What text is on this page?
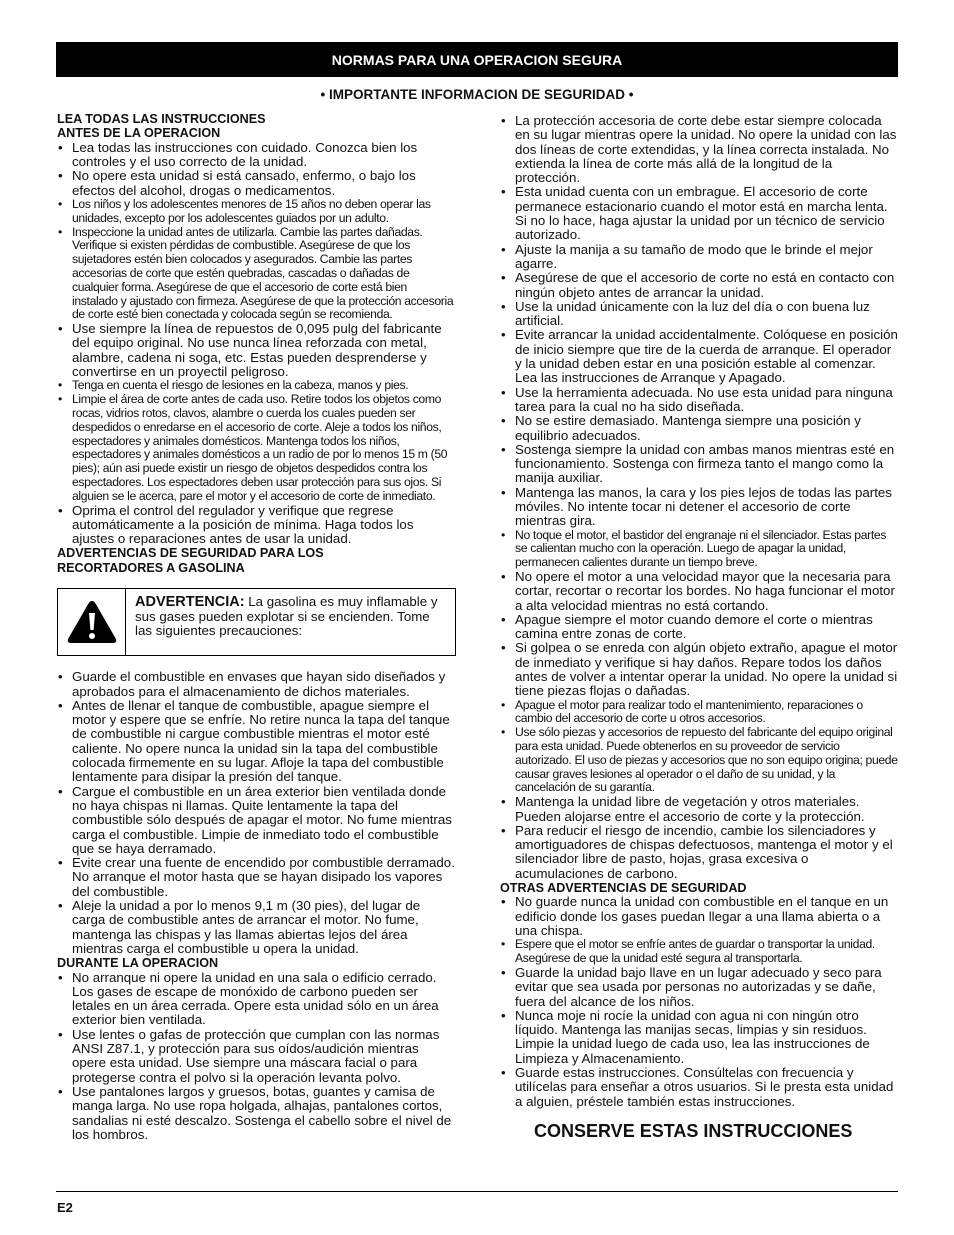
NORMAS PARA UNA OPERACION SEGURA
• IMPORTANTE INFORMACION DE SEGURIDAD •
LEA TODAS LAS INSTRUCCIONES
ANTES DE LA OPERACION
• Lea todas las instrucciones con cuidado. Conozca bien los controles y el uso correcto de la unidad.
• No opere esta unidad si está cansado, enfermo, o bajo los efectos del alcohol, drogas o medicamentos.
• Los niños y los adolescentes menores de 15 años no deben operar las unidades, excepto por los adolescentes guiados por un adulto.
• Inspeccione la unidad antes de utilizarla. Cambie las partes dañadas. Verifique si existen pérdidas de combustible. Asegúrese de que los sujetadores estén bien colocados y asegurados. Cambie las partes accesorias de corte que estén quebradas, cascadas o dañadas de cualquier forma. Asegúrese de que el accesorio de corte está bien instalado y ajustado con firmeza. Asegúrese de que la protección accesoria de corte esté bien conectada y colocada según se recomienda.
• Use siempre la línea de repuestos de 0,095 pulg del fabricante del equipo original. No use nunca línea reforzada con metal, alambre, cadena ni soga, etc. Estas pueden desprenderse y convertirse en un proyectil peligroso.
• Tenga en cuenta el riesgo de lesiones en la cabeza, manos y pies.
• Limpie el área de corte antes de cada uso. Retire todos los objetos como rocas, vidrios rotos, clavos, alambre o cuerda los cuales pueden ser despedidos o enredarse en el accesorio de corte. Aleje a todos los niños, espectadores y animales domésticos. Mantenga todos los niños, espectadores y animales domésticos a un radio de por lo menos 15 m (50 pies); aún asi puede existir un riesgo de objetos despedidos contra los espectadores. Los espectadores deben usar protección para sus ojos. Si alguien se le acerca, pare el motor y el accesorio de corte de inmediato.
• Oprima el control del regulador y verifique que regrese automáticamente a la posición de mínima. Haga todos los ajustes o reparaciones antes de usar la unidad.
ADVERTENCIAS DE SEGURIDAD PARA LOS
RECORTADORES A GASOLINA
ADVERTENCIA: La gasolina es muy inflamable y sus gases pueden explotar si se encienden. Tome las siguientes precauciones:
• Guarde el combustible en envases que hayan sido diseñados y aprobados para el almacenamiento de dichos materiales.
• Antes de llenar el tanque de combustible, apague siempre el motor y espere que se enfríe. No retire nunca la tapa del tanque de combustible ni cargue combustible mientras el motor esté caliente. No opere nunca la unidad sin la tapa del combustible colocada firmemente en su lugar. Afloje la tapa del combustible lentamente para disipar la presión del tanque.
• Cargue el combustible en un área exterior bien ventilada donde no haya chispas ni llamas. Quite lentamente la tapa del combustible sólo después de apagar el motor. No fume mientras carga el combustible. Limpie de inmediato todo el combustible que se haya derramado.
• Evite crear una fuente de encendido por combustible derramado. No arranque el motor hasta que se hayan disipado los vapores del combustible.
• Aleje la unidad a por lo menos 9,1 m (30 pies), del lugar de carga de combustible antes de arrancar el motor. No fume, mantenga las chispas y las llamas abiertas lejos del área mientras carga el combustible u opera la unidad.
DURANTE LA OPERACION
• No arranque ni opere la unidad en una sala o edificio cerrado. Los gases de escape de monóxido de carbono pueden ser letales en un área cerrada. Opere esta unidad sólo en un área exterior bien ventilada.
• Use lentes o gafas de protección que cumplan con las normas ANSI Z87.1, y protección para sus oídos/audición mientras opere esta unidad. Use siempre una máscara facial o para protegerse contra el polvo si la operación levanta polvo.
• Use pantalones largos y gruesos, botas, guantes y camisa de manga larga. No use ropa holgada, alhajas, pantalones cortos, sandalias ni esté descalzo. Sostenga el cabello sobre el nivel de los hombros.
• La protección accesoria de corte debe estar siempre colocada en su lugar mientras opere la unidad. No opere la unidad con las dos líneas de corte extendidas, y la línea correcta instalada. No extienda la línea de corte más allá de la longitud de la protección.
• Esta unidad cuenta con un embrague. El accesorio de corte permanece estacionario cuando el motor está en marcha lenta. Si no lo hace, haga ajustar la unidad por un técnico de servicio autorizado.
• Ajuste la manija a su tamaño de modo que le brinde el mejor agarre.
• Asegúrese de que el accesorio de corte no está en contacto con ningún objeto antes de arrancar la unidad.
• Use la unidad únicamente con la luz del día o con buena luz artificial.
• Evite arrancar la unidad accidentalmente. Colóquese en posición de inicio siempre que tire de la cuerda de arranque. El operador y la unidad deben estar en una posición estable al comenzar. Lea las instrucciones de Arranque y Apagado.
• Use la herramienta adecuada. No use esta unidad para ninguna tarea para la cual no ha sido diseñada.
• No se estire demasiado. Mantenga siempre una posición y equilibrio adecuados.
• Sostenga siempre la unidad con ambas manos mientras esté en funcionamiento. Sostenga con firmeza tanto el mango como la manija auxiliar.
• Mantenga las manos, la cara y los pies lejos de todas las partes móviles. No intente tocar ni detener el accesorio de corte mientras gira.
• No toque el motor, el bastidor del engranaje ni el silenciador. Estas partes se calientan mucho con la operación. Luego de apagar la unidad, permanecen calientes durante un tiempo breve.
• No opere el motor a una velocidad mayor que la necesaria para cortar, recortar o recortar los bordes. No haga funcionar el motor a alta velocidad mientras no está cortando.
• Apague siempre el motor cuando demore el corte o mientras camina entre zonas de corte.
• Si golpea o se enreda con algún objeto extraño, apague el motor de inmediato y verifique si hay daños. Repare todos los daños antes de volver a intentar operar la unidad. No opere la unidad si tiene piezas flojas o dañadas.
• Apague el motor para realizar todo el mantenimiento, reparaciones o cambio del accesorio de corte u otros accesorios.
• Use sólo piezas y accesorios de repuesto del fabricante del equipo original para esta unidad. Puede obtenerlos en su proveedor de servicio autorizado. El uso de piezas y accesorios que no son equipo origina; puede causar graves lesiones al operador o el daño de su unidad, y la cancelación de su garantía.
• Mantenga la unidad libre de vegetación y otros materiales. Pueden alojarse entre el accesorio de corte y la protección.
• Para reducir el riesgo de incendio, cambie los silenciadores y amortiguadores de chispas defectuosos, mantenga el motor y el silenciador libre de pasto, hojas, grasa excesiva o acumulaciones de carbono.
OTRAS ADVERTENCIAS DE SEGURIDAD
• No guarde nunca la unidad con combustible en el tanque en un edificio donde los gases puedan llegar a una llama abierta o a una chispa.
• Espere que el motor se enfríe antes de guardar o transportar la unidad. Asegúrese de que la unidad esté segura al transportarla.
• Guarde la unidad bajo llave en un lugar adecuado y seco para evitar que sea usada por personas no autorizadas y se dañe, fuera del alcance de los niños.
• Nunca moje ni rocíe la unidad con agua ni con ningún otro líquido. Mantenga las manijas secas, limpias y sin residuos. Limpie la unidad luego de cada uso, lea las instrucciones de Limpieza y Almacenamiento.
• Guarde estas instrucciones. Consúltelas con frecuencia y utilícelas para enseñar a otros usuarios. Si le presta esta unidad a alguien, préstele también estas instrucciones.
CONSERVE ESTAS INSTRUCCIONES
E2
